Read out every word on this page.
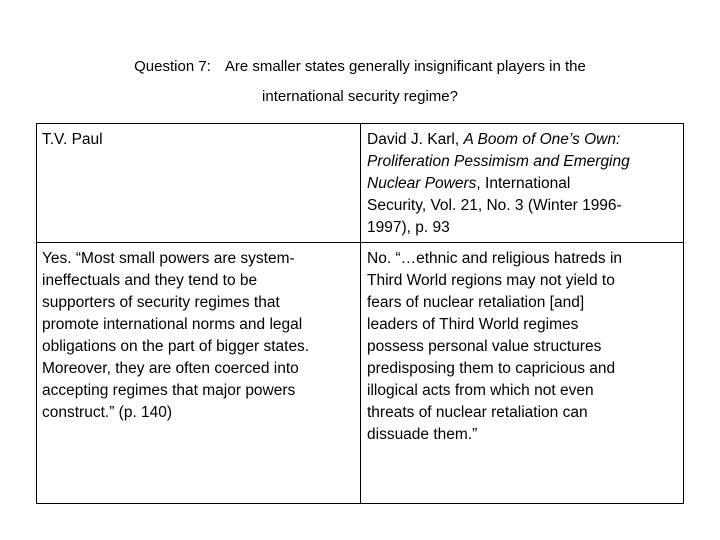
Question 7: Are smaller states generally insignificant players in the
international security regime?
T.V. Paul	David J. Karl, A Boom of One’s Own:
Proliferation Pessimism and Emerging
Nuclear Powers, International
Security, Vol. 21, No. 3 (Winter 1996-
1997), p. 93
Yes. “Most small powers are system-
ineffectuals and they tend to be
supporters of security regimes that
promote international norms and legal
obligations on the part of bigger states.
Moreover, they are often coerced into
accepting regimes that major powers
construct.” (p. 140)
No. “…ethnic and religious hatreds in
Third World regions may not yield to
fears of nuclear retaliation [and]
leaders of Third World regimes
possess personal value structures
predisposing them to capricious and
illogical acts from which not even
threats of nuclear retaliation can
dissuade them.”
